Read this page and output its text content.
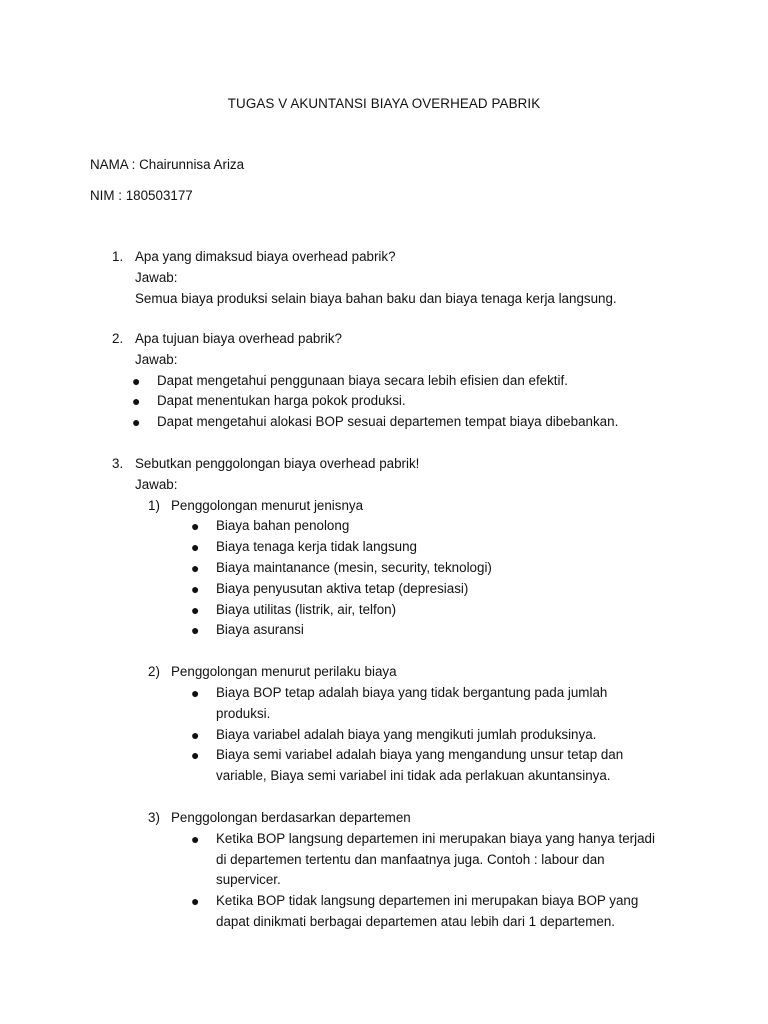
TUGAS V AKUNTANSI BIAYA OVERHEAD PABRIK
NAMA : Chairunnisa Ariza
NIM : 180503177
1. Apa yang dimaksud biaya overhead pabrik?
Jawab:
Semua biaya produksi selain biaya bahan baku dan biaya tenaga kerja langsung.
2. Apa tujuan biaya overhead pabrik?
Jawab:
● Dapat mengetahui penggunaan biaya secara lebih efisien dan efektif.
● Dapat menentukan harga pokok produksi.
● Dapat mengetahui alokasi BOP sesuai departemen tempat biaya dibebankan.
3. Sebutkan penggolongan biaya overhead pabrik!
Jawab:
1) Penggolongan menurut jenisnya
● Biaya bahan penolong
● Biaya tenaga kerja tidak langsung
● Biaya maintanance (mesin, security, teknologi)
● Biaya penyusutan aktiva tetap (depresiasi)
● Biaya utilitas (listrik, air, telfon)
● Biaya asuransi
2) Penggolongan menurut perilaku biaya
● Biaya BOP tetap adalah biaya yang tidak bergantung pada jumlah produksi.
● Biaya variabel adalah biaya yang mengikuti jumlah produksinya.
● Biaya semi variabel adalah biaya yang mengandung unsur tetap dan variable, Biaya semi variabel ini tidak ada perlakuan akuntansinya.
3) Penggolongan berdasarkan departemen
● Ketika BOP langsung departemen ini merupakan biaya yang hanya terjadi di departemen tertentu dan manfaatnya juga. Contoh : labour dan supervicer.
● Ketika BOP tidak langsung departemen ini merupakan biaya BOP yang dapat dinikmati berbagai departemen atau lebih dari 1 departemen.
